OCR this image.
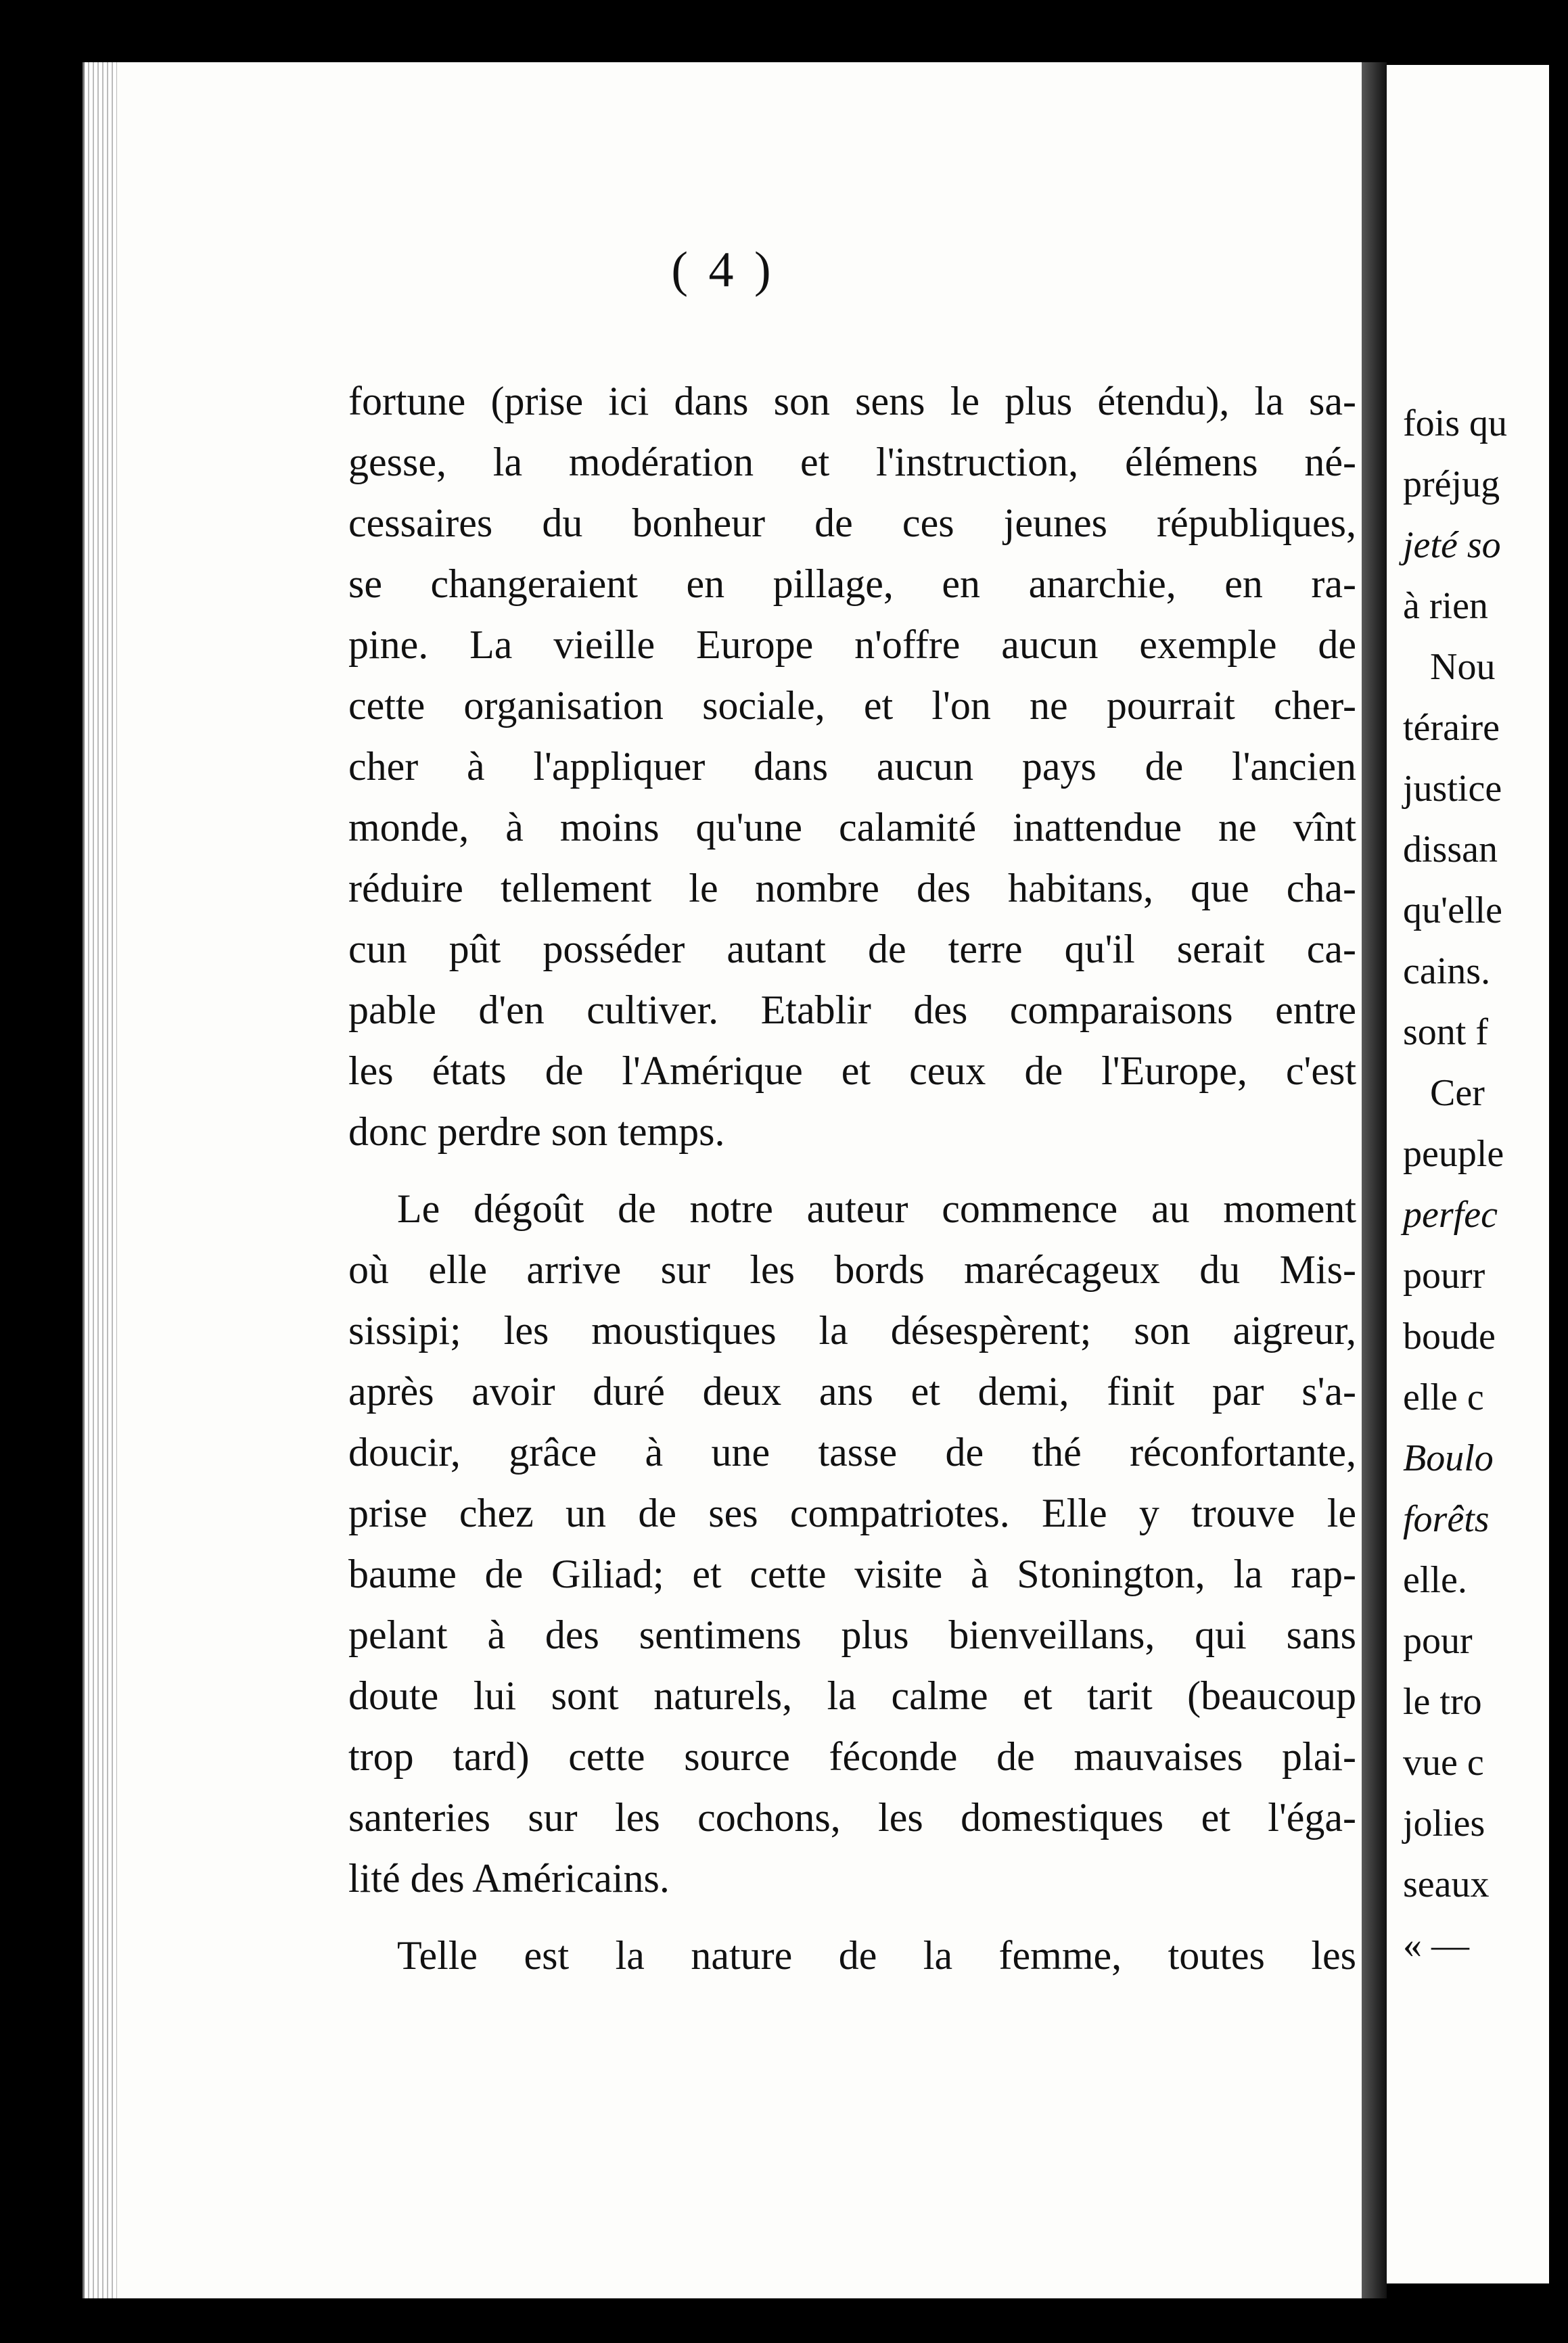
( 4 )
fortune (prise ici dans son sens le plus étendu), la sa-
gesse, la modération et l'instruction, élémens né-
cessaires du bonheur de ces jeunes républiques,
se changeraient en pillage, en anarchie, en ra-
pine. La vieille Europe n'offre aucun exemple de
cette organisation sociale, et l'on ne pourrait cher-
cher à l'appliquer dans aucun pays de l'ancien
monde, à moins qu'une calamité inattendue ne vînt
réduire tellement le nombre des habitans, que cha-
cun pût posséder autant de terre qu'il serait ca-
pable d'en cultiver. Etablir des comparaisons entre
les états de l'Amérique et ceux de l'Europe, c'est
donc perdre son temps.
Le dégoût de notre auteur commence au moment
où elle arrive sur les bords marécageux du Mis-
sissipi; les moustiques la désespèrent; son aigreur,
après avoir duré deux ans et demi, finit par s'a-
doucir, grâce à une tasse de thé réconfortante,
prise chez un de ses compatriotes. Elle y trouve le
baume de Giliad; et cette visite à Stonington, la rap-
pelant à des sentimens plus bienveillans, qui sans
doute lui sont naturels, la calme et tarit (beaucoup
trop tard) cette source féconde de mauvaises plai-
santeries sur les cochons, les domestiques et l'éga-
lité des Américains.
Telle est la nature de la femme, toutes les
fois qu
préjug
jeté so
à rien
Nou
téraire
justice
dissan
qu'elle
cains.
sont f
Cer
peuple
perfec
pourr
boude
elle c
Boulo
forêts
elle.
pour
le tro
vue c
jolies
seaux
« —
